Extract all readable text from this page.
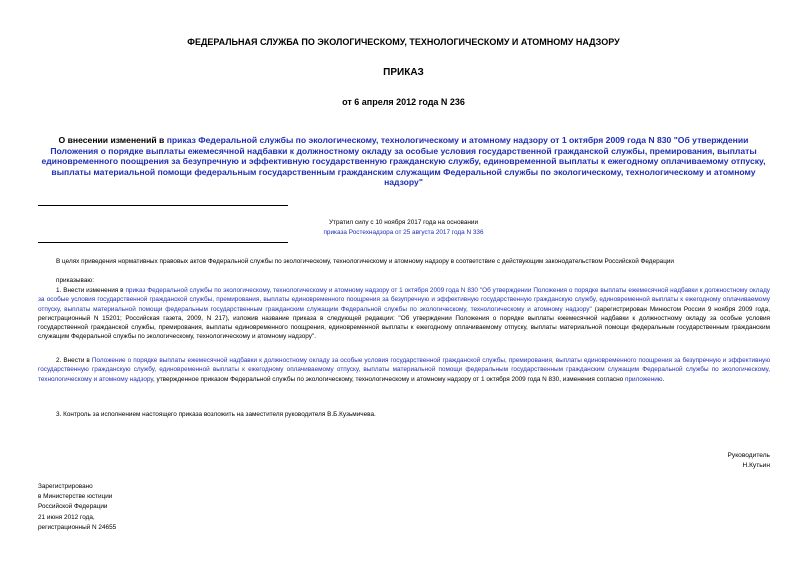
ФЕДЕРАЛЬНАЯ СЛУЖБА ПО ЭКОЛОГИЧЕСКОМУ, ТЕХНОЛОГИЧЕСКОМУ И АТОМНОМУ НАДЗОРУ
ПРИКАЗ
от 6 апреля 2012 года N 236
О внесении изменений в приказ Федеральной службы по экологическому, технологическому и атомному надзору от 1 октября 2009 года N 830 "Об утверждении Положения о порядке выплаты ежемесячной надбавки к должностному окладу за особые условия государственной гражданской службы, премирования, выплаты единовременного поощрения за безупречную и эффективную государственную гражданскую службу, единовременной выплаты к ежегодному оплачиваемому отпуску, выплаты материальной помощи федеральным государственным гражданским служащим Федеральной службы по экологическому, технологическому и атомному надзору"
Утратил силу с 10 ноября 2017 года на основании
приказа Ростехнадзора от 25 августа 2017 года N 336
В целях приведения нормативных правовых актов Федеральной службы по экологическому, технологическому и атомному надзору в соответствие с действующим законодательством Российской Федерации
приказываю:
1. Внести изменения в приказ Федеральной службы по экологическому, технологическому и атомному надзору от 1 октября 2009 года N 830 "Об утверждении Положения о порядке выплаты ежемесячной надбавки к должностному окладу за особые условия государственной гражданской службы, премирования, выплаты единовременного поощрения за безупречную и эффективную государственную гражданскую службу, единовременной выплаты к ежегодному оплачиваемому отпуску, выплаты материальной помощи федеральным государственным гражданским служащим Федеральной службы по экологическому, технологическому и атомному надзору" (зарегистрирован Минюстом России 9 ноября 2009 года, регистрационный N 15201; Российская газета, 2009, N 217), изложив название приказа в следующей редакции: "Об утверждении Положения о порядке выплаты ежемесячной надбавки к должностному окладу за особые условия государственной гражданской службы, премирования, выплаты единовременного поощрения, единовременной выплаты к ежегодному оплачиваемому отпуску, выплаты материальной помощи федеральным государственным гражданским служащим Федеральной службы по экологическому, технологическому и атомному надзору".
2. Внести в Положение о порядке выплаты ежемесячной надбавки к должностному окладу за особые условия государственной гражданской службы, премирования, выплаты единовременного поощрения за безупречную и эффективную государственную гражданскую службу, единовременной выплаты к ежегодному оплачиваемому отпуску, выплаты материальной помощи федеральным государственным гражданским служащим Федеральной службы по экологическому, технологическому и атомному надзору, утвержденное приказом Федеральной службы по экологическому, технологическому и атомному надзору от 1 октября 2009 года N 830, изменения согласно приложению.
3. Контроль за исполнением настоящего приказа возложить на заместителя руководителя В.Б.Кузьмичева.
Руководитель
Н.Кутьин
Зарегистрировано
в Министерстве юстиции
Российской Федерации
21 июня 2012 года,
регистрационный N 24655
